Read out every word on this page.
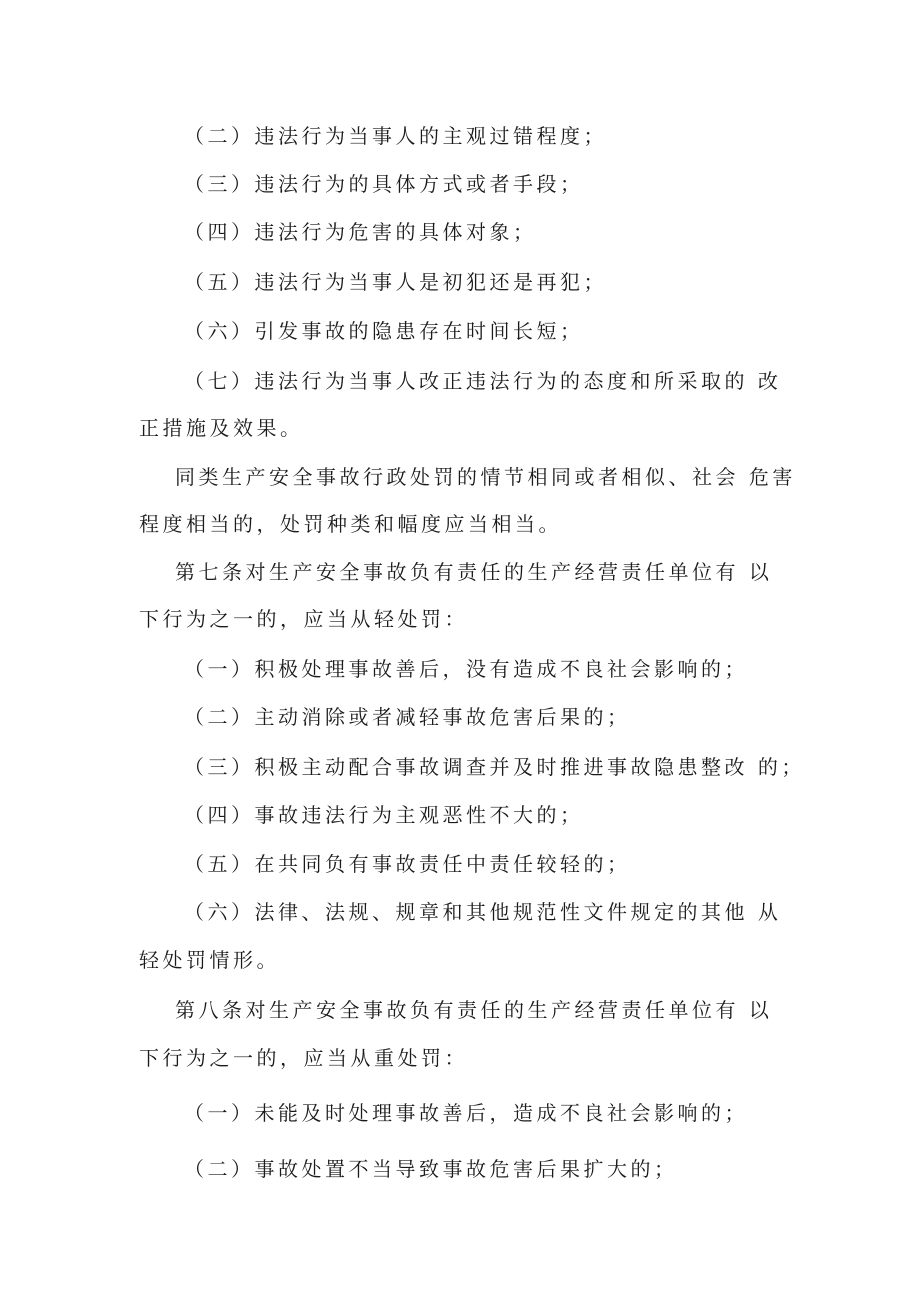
（二）违法行为当事人的主观过错程度；
（三）违法行为的具体方式或者手段；
（四）违法行为危害的具体对象；
（五）违法行为当事人是初犯还是再犯；
（六）引发事故的隐患存在时间长短；
（七）违法行为当事人改正违法行为的态度和所采取的 改
正措施及效果。
同类生产安全事故行政处罚的情节相同或者相似、社会 危害
程度相当的，处罚种类和幅度应当相当。
第七条对生产安全事故负有责任的生产经营责任单位有 以
下行为之一的，应当从轻处罚：
（一）积极处理事故善后，没有造成不良社会影响的；
（二）主动消除或者减轻事故危害后果的；
（三）积极主动配合事故调查并及时推进事故隐患整改 的；
（四）事故违法行为主观恶性不大的；
（五）在共同负有事故责任中责任较轻的；
（六）法律、法规、规章和其他规范性文件规定的其他 从
轻处罚情形。
第八条对生产安全事故负有责任的生产经营责任单位有 以
下行为之一的，应当从重处罚：
（一）未能及时处理事故善后，造成不良社会影响的；
（二）事故处置不当导致事故危害后果扩大的；
